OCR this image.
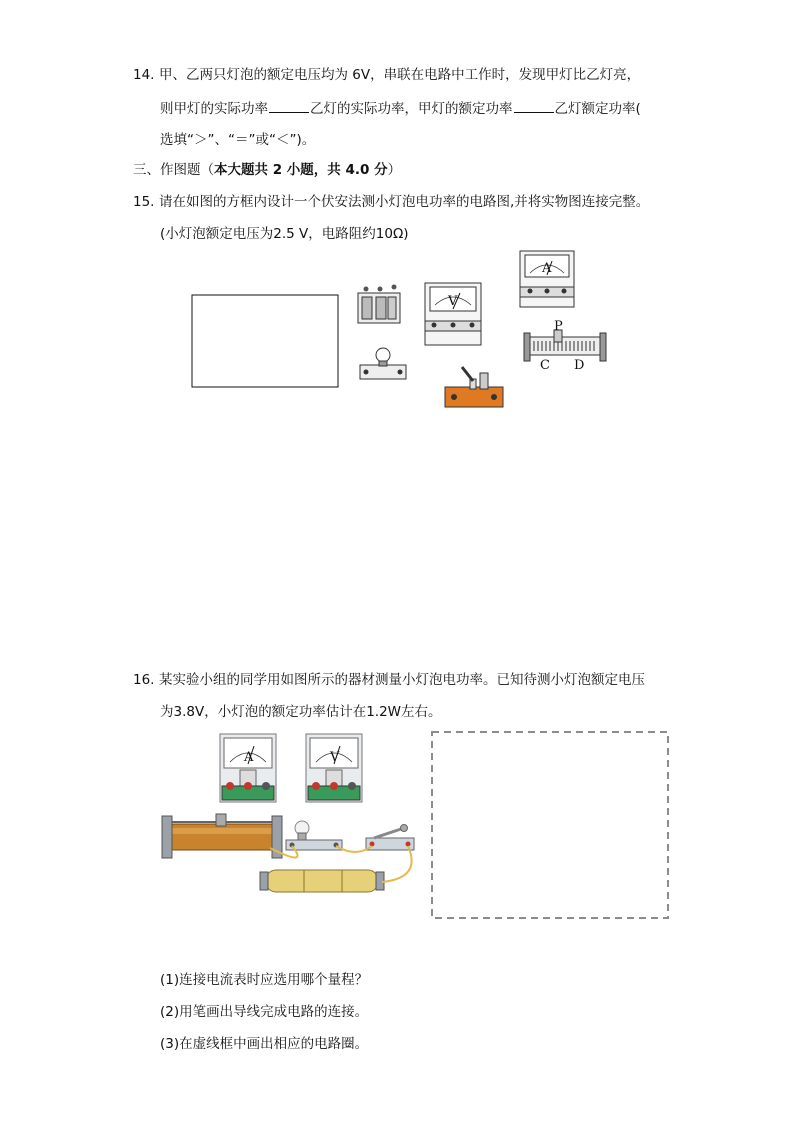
14. 甲、乙两只灯泡的额定电压均为 6V，串联在电路中工作时，发现甲灯比乙灯亮，
则甲灯的实际功率	乙灯的实际功率，甲灯的额定功率	乙灯额定功率(
选填“＞”、“＝”或“＜”)。
三、作图题（本大题共 2 小题，共 4.0 分）
15. 请在如图的方框内设计一个伏安法测小灯泡电功率的电路图,并将实物图连接完整。
(小灯泡额定电压为2.5 V，电路阻约10Ω)
V
A
P
C D
16. 某实验小组的同学用如图所示的器材测量小灯泡电功率。已知待测小灯泡额定电压
为3.8V，小灯泡的额定功率估计在1.2W左右。
A	V
(1)连接电流表时应选用哪个量程？
(2)用笔画出导线完成电路的连接。
(3)在虚线框中画出相应的电路圈。
